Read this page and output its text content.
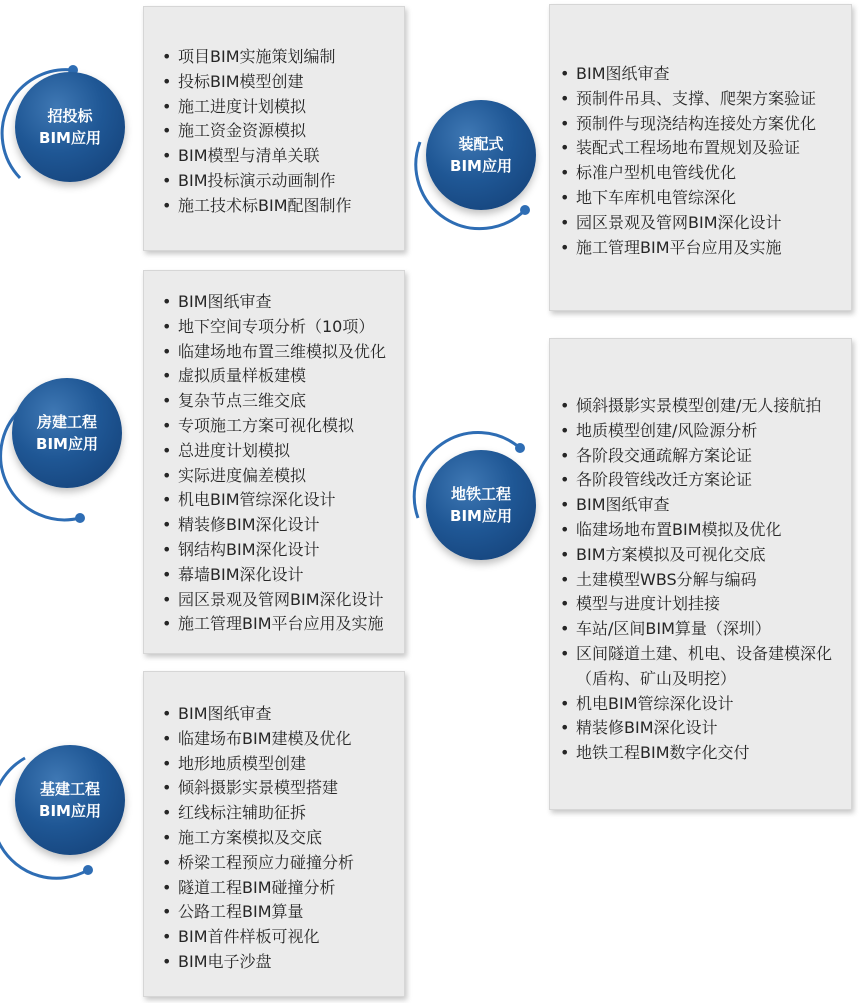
招投标
BIM应用
• 项目BIM实施策划编制
• 投标BIM模型创建
• 施工进度计划模拟
• 施工资金资源模拟
• BIM模型与清单关联
• BIM投标演示动画制作
• 施工技术标BIM配图制作
房建工程
BIM应用
• BIM图纸审查
• 地下空间专项分析（10项）
• 临建场地布置三维模拟及优化
• 虚拟质量样板建模
• 复杂节点三维交底
• 专项施工方案可视化模拟
• 总进度计划模拟
• 实际进度偏差模拟
• 机电BIM管综深化设计
• 精装修BIM深化设计
• 钢结构BIM深化设计
• 幕墙BIM深化设计
• 园区景观及管网BIM深化设计
• 施工管理BIM平台应用及实施
基建工程
BIM应用
• BIM图纸审查
• 临建场布BIM建模及优化
• 地形地质模型创建
• 倾斜摄影实景模型搭建
• 红线标注辅助征拆
• 施工方案模拟及交底
• 桥梁工程预应力碰撞分析
• 隧道工程BIM碰撞分析
• 公路工程BIM算量
• BIM首件样板可视化
• BIM电子沙盘
装配式
BIM应用
• BIM图纸审查
• 预制件吊具、支撑、爬架方案验证
• 预制件与现浇结构连接处方案优化
• 装配式工程场地布置规划及验证
• 标准户型机电管线优化
• 地下车库机电管综深化
• 园区景观及管网BIM深化设计
• 施工管理BIM平台应用及实施
地铁工程
BIM应用
• 倾斜摄影实景模型创建/无人接航拍
• 地质模型创建/风险源分析
• 各阶段交通疏解方案论证
• 各阶段管线改迁方案论证
• BIM图纸审查
• 临建场地布置BIM模拟及优化
• BIM方案模拟及可视化交底
• 土建模型WBS分解与编码
• 模型与进度计划挂接
• 车站/区间BIM算量（深圳）
• 区间隧道土建、机电、设备建模深化（盾构、矿山及明挖）
• 机电BIM管综深化设计
• 精装修BIM深化设计
• 地铁工程BIM数字化交付
